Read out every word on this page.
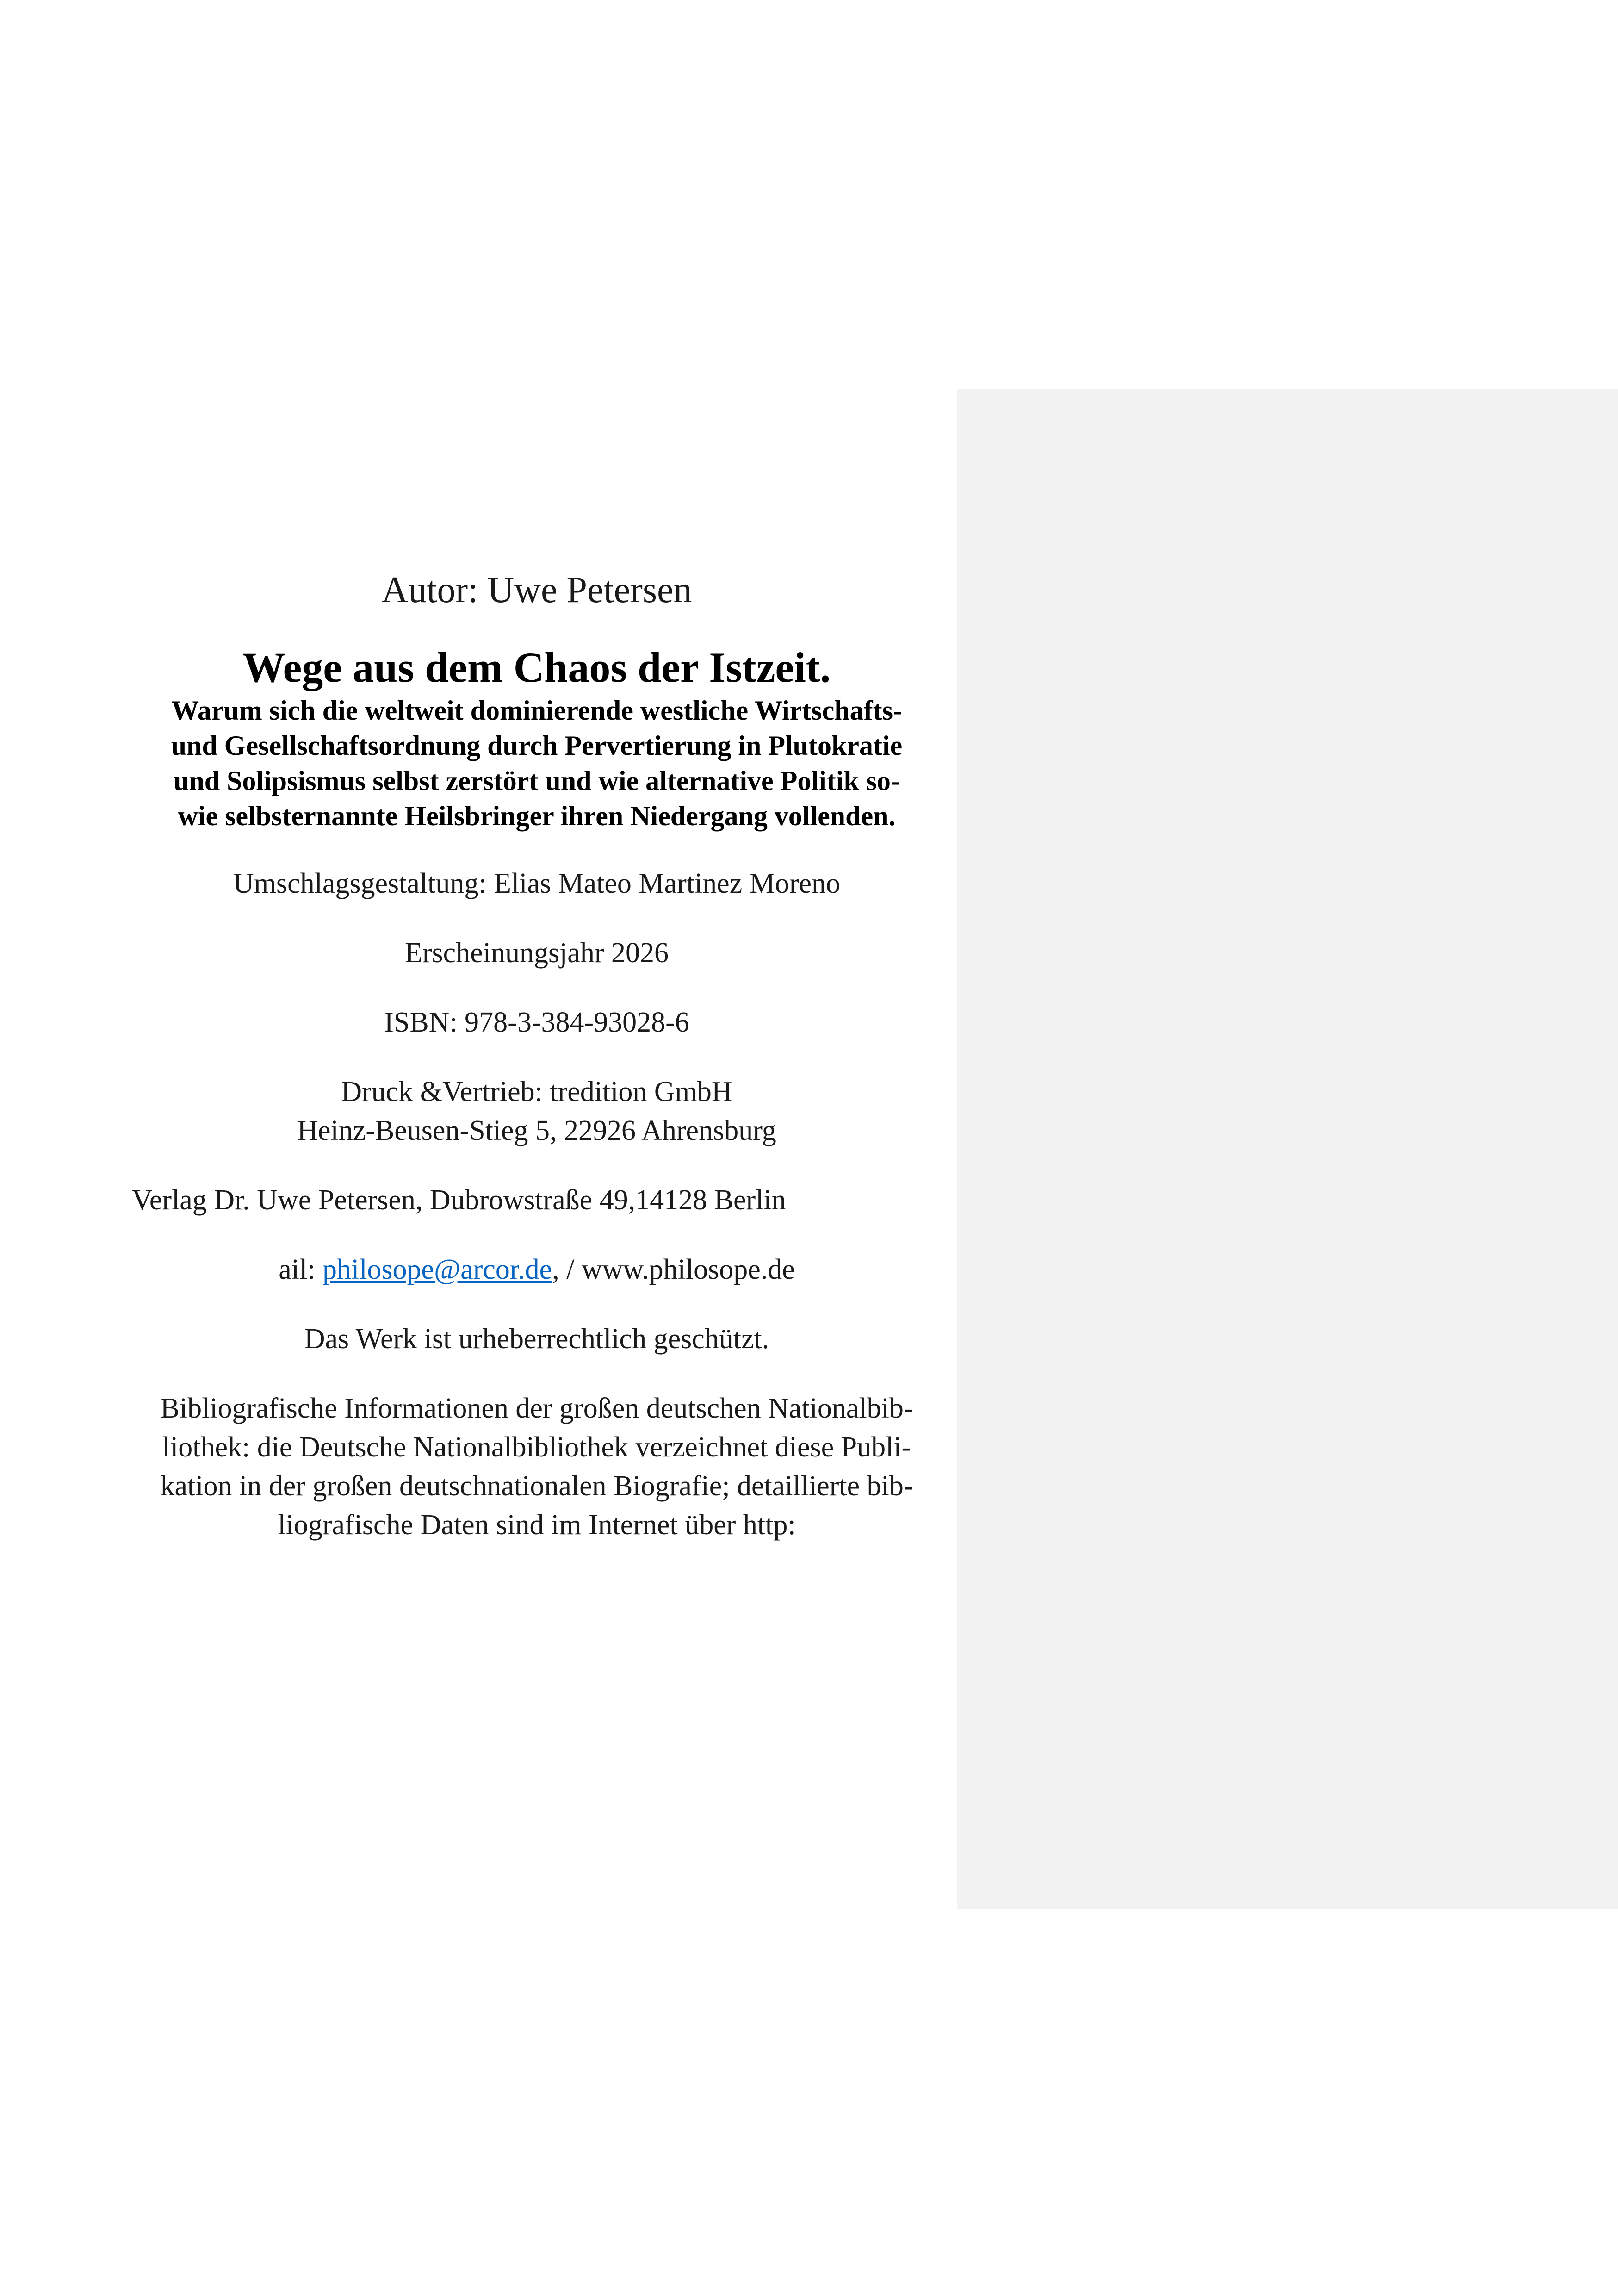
Autor: Uwe Petersen

Wege aus dem Chaos der Istzeit.

Warum sich die weltweit dominierende westliche Wirtschafts-
und Gesellschaftsordnung durch Pervertierung in Plutokratie
und Solipsismus selbst zerstört und wie alternative Politik so-
wie selbsternannte Heilsbringer ihren Niedergang vollenden.

Umschlagsgestaltung: Elias Mateo Martinez Moreno

Erscheinungsjahr 2026

ISBN: 978-3-384-93028-6

Druck &Vertrieb: tredition GmbH
Heinz-Beusen-Stieg 5, 22926 Ahrensburg

Verlag Dr. Uwe Petersen, Dubrowstraße 49,14128 Berlin

ail: philosope@arcor.de, / www.philosope.de

Das Werk ist urheberrechtlich geschützt.

Bibliografische Informationen der großen deutschen Nationalbib-
liothek: die Deutsche Nationalbibliothek verzeichnet diese Publi-
kation in der großen deutschnationalen Biografie; detaillierte bib-
liografische Daten sind im Internet über http:
